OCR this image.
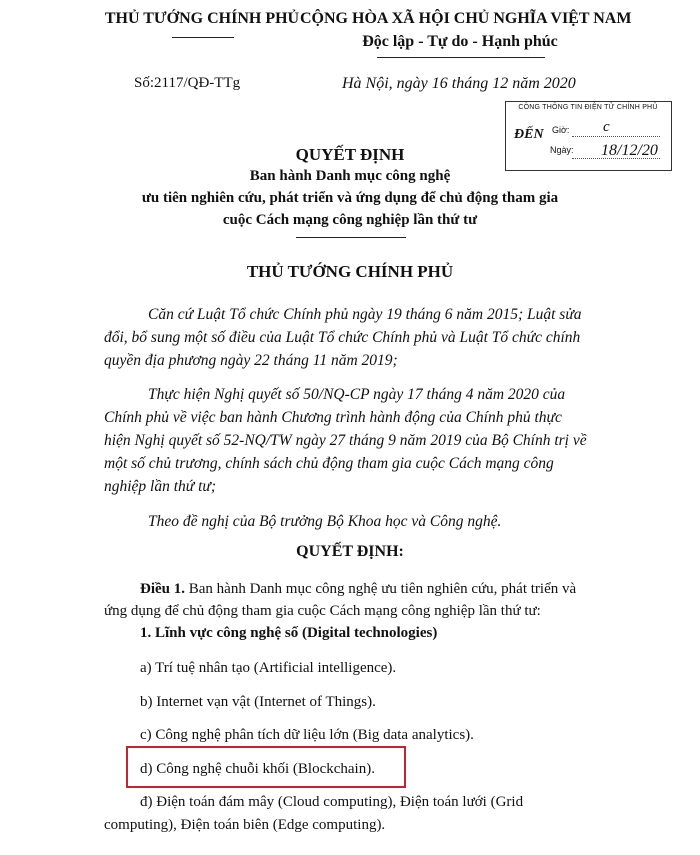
THỦ TƯỚNG CHÍNH PHỦ CỘNG HÒA XÃ HỘI CHỦ NGHĨA VIỆT NAM
Độc lập - Tự do - Hạnh phúc
Số:2117/QĐ-TTg	Hà Nội, ngày 16 tháng 12 năm 2020
CÔNG THÔNG TIN ĐIỆN TỬ CHÍNH PHỦ
ĐẾN Giờ:
Ngày:
c
18/12/20
QUYẾT ĐỊNH
Ban hành Danh mục công nghệ
ưu tiên nghiên cứu, phát triển và ứng dụng để chủ động tham gia
cuộc Cách mạng công nghiệp lần thứ tư
THỦ TƯỚNG CHÍNH PHỦ
Căn cứ Luật Tổ chức Chính phủ ngày 19 tháng 6 năm 2015; Luật sửa
đổi, bổ sung một số điều của Luật Tổ chức Chính phủ và Luật Tổ chức chính
quyền địa phương ngày 22 tháng 11 năm 2019;
Thực hiện Nghị quyết số 50/NQ-CP ngày 17 tháng 4 năm 2020 của
Chính phủ về việc ban hành Chương trình hành động của Chính phủ thực
hiện Nghị quyết số 52-NQ/TW ngày 27 tháng 9 năm 2019 của Bộ Chính trị về
một số chủ trương, chính sách chủ động tham gia cuộc Cách mạng công
nghiệp lần thứ tư;
Theo đề nghị của Bộ trưởng Bộ Khoa học và Công nghệ.
QUYẾT ĐỊNH:
Điều 1. Ban hành Danh mục công nghệ ưu tiên nghiên cứu, phát triển và
ứng dụng để chủ động tham gia cuộc Cách mạng công nghiệp lần thứ tư:
1. Lĩnh vực công nghệ số (Digital technologies)
a) Trí tuệ nhân tạo (Artificial intelligence).
b) Internet vạn vật (Internet of Things).
c) Công nghệ phân tích dữ liệu lớn (Big data analytics).
d) Công nghệ chuỗi khối (Blockchain).
đ) Điện toán đám mây (Cloud computing), Điện toán lưới (Grid
computing), Điện toán biên (Edge computing).
